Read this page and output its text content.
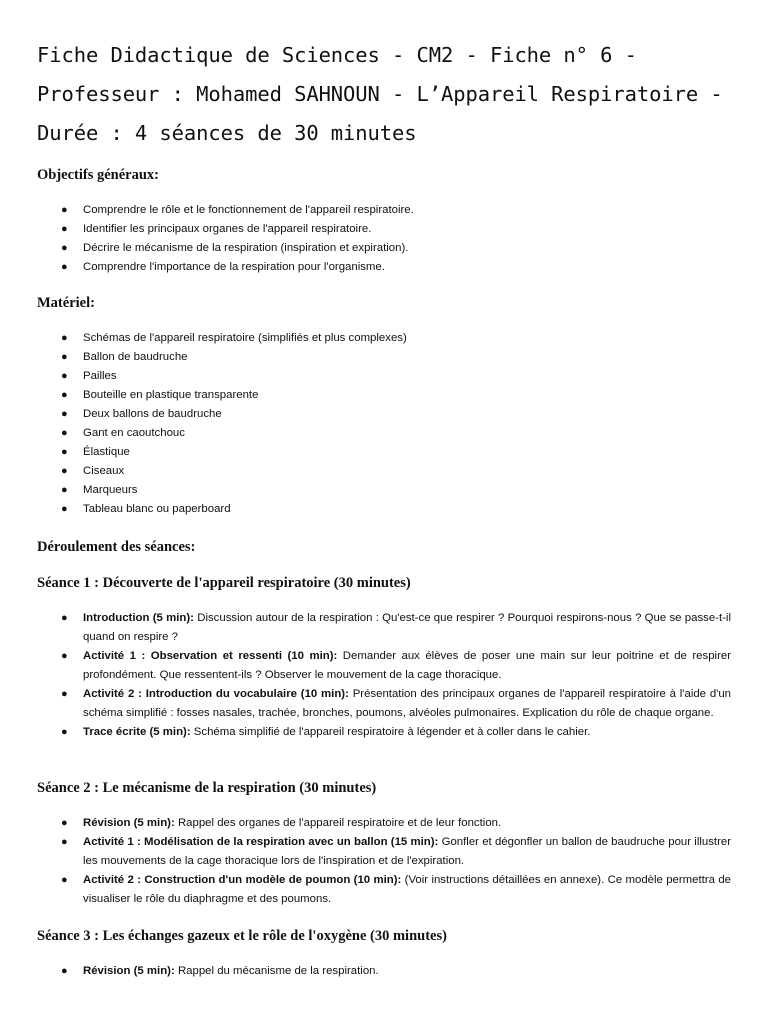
Fiche Didactique de Sciences - CM2 - Fiche n° 6 -
Professeur : Mohamed SAHNOUN - L’Appareil Respiratoire -
Durée : 4 séances de 30 minutes
Objectifs généraux:
● Comprendre le rôle et le fonctionnement de l'appareil respiratoire.
● Identifier les principaux organes de l'appareil respiratoire.
● Décrire le mécanisme de la respiration (inspiration et expiration).
● Comprendre l'importance de la respiration pour l'organisme.
Matériel:
● Schémas de l'appareil respiratoire (simplifiés et plus complexes)
● Ballon de baudruche
● Pailles
● Bouteille en plastique transparente
● Deux ballons de baudruche
● Gant en caoutchouc
● Élastique
● Ciseaux
● Marqueurs
● Tableau blanc ou paperboard
Déroulement des séances:
Séance 1 : Découverte de l'appareil respiratoire (30 minutes)
● Introduction (5 min): Discussion autour de la respiration : Qu'est-ce que respirer ? Pourquoi respirons-nous ? Que se passe-t-il quand on respire ?
● Activité 1 : Observation et ressenti (10 min): Demander aux élèves de poser une main sur leur poitrine et de respirer profondément. Que ressentent-ils ? Observer le mouvement de la cage thoracique.
● Activité 2 : Introduction du vocabulaire (10 min): Présentation des principaux organes de l'appareil respiratoire à l'aide d'un schéma simplifié : fosses nasales, trachée, bronches, poumons, alvéoles pulmonaires. Explication du rôle de chaque organe.
● Trace écrite (5 min): Schéma simplifié de l'appareil respiratoire à légender et à coller dans le cahier.
Séance 2 : Le mécanisme de la respiration (30 minutes)
● Révision (5 min): Rappel des organes de l'appareil respiratoire et de leur fonction.
● Activité 1 : Modélisation de la respiration avec un ballon (15 min): Gonfler et dégonfler un ballon de baudruche pour illustrer les mouvements de la cage thoracique lors de l'inspiration et de l'expiration.
● Activité 2 : Construction d'un modèle de poumon (10 min): (Voir instructions détaillées en annexe). Ce modèle permettra de visualiser le rôle du diaphragme et des poumons.
Séance 3 : Les échanges gazeux et le rôle de l'oxygène (30 minutes)
● Révision (5 min): Rappel du mécanisme de la respiration.
